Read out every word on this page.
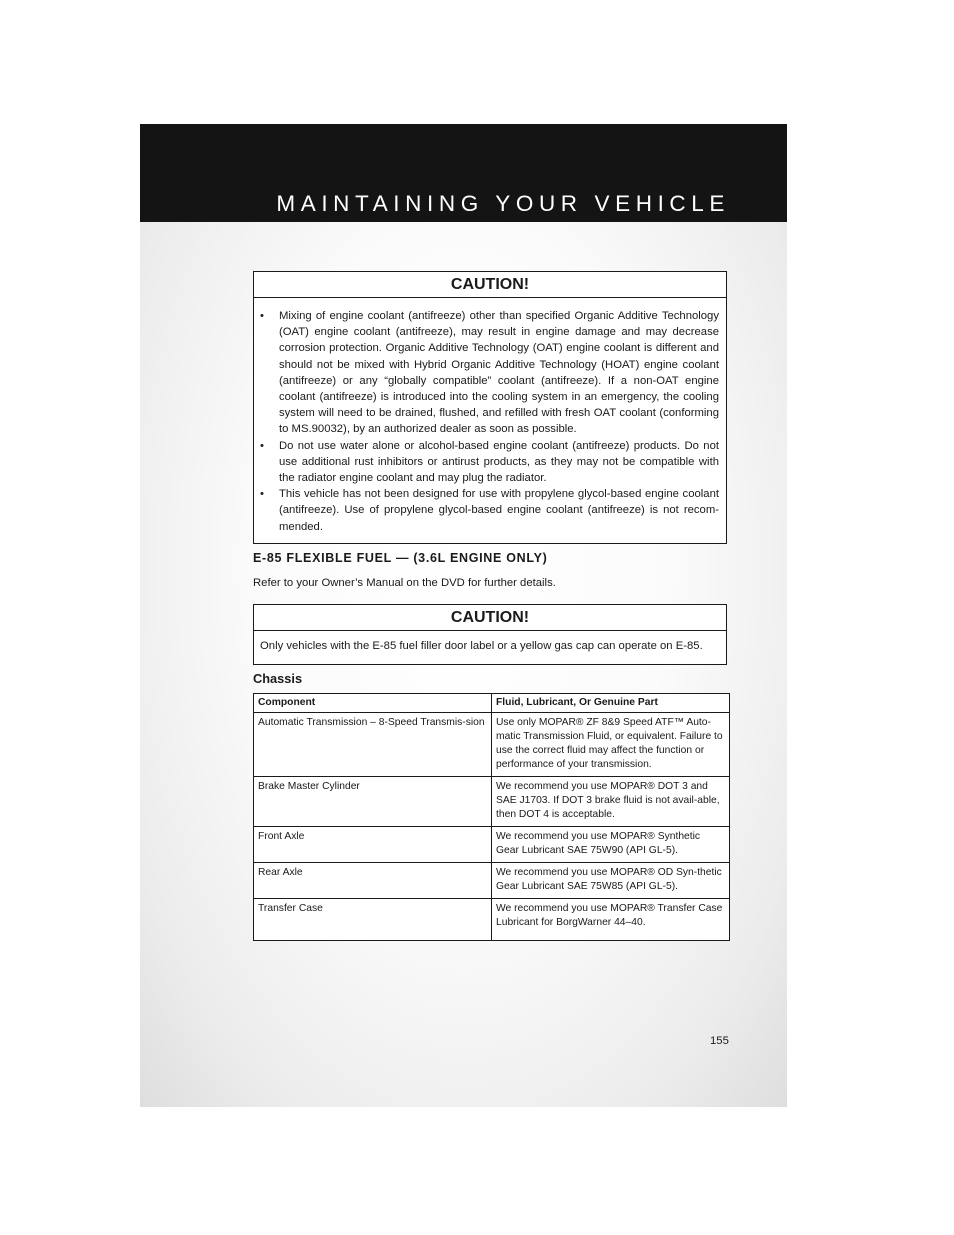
MAINTAINING YOUR VEHICLE
CAUTION!
• Mixing of engine coolant (antifreeze) other than specified Organic Additive Technology (OAT) engine coolant (antifreeze), may result in engine damage and may decrease corrosion protection. Organic Additive Technology (OAT) engine coolant is different and should not be mixed with Hybrid Organic Additive Technology (HOAT) engine coolant (antifreeze) or any “globally compatible” coolant (antifreeze). If a non-OAT engine coolant (antifreeze) is introduced into the cooling system in an emergency, the cooling system will need to be drained, flushed, and refilled with fresh OAT coolant (conforming to MS.90032), by an authorized dealer as soon as possible.
• Do not use water alone or alcohol-based engine coolant (antifreeze) products. Do not use additional rust inhibitors or antirust products, as they may not be compatible with the radiator engine coolant and may plug the radiator.
• This vehicle has not been designed for use with propylene glycol-based engine coolant (antifreeze). Use of propylene glycol-based engine coolant (antifreeze) is not recom-mended.
E-85 FLEXIBLE FUEL — (3.6L ENGINE ONLY)
Refer to your Owner’s Manual on the DVD for further details.
CAUTION!
Only vehicles with the E-85 fuel filler door label or a yellow gas cap can operate on E-85.
Chassis
Component	Fluid, Lubricant, Or Genuine Part
Automatic Transmission – 8-Speed Transmis-sion	Use only MOPAR® ZF 8&9 Speed ATF™ Auto-matic Transmission Fluid, or equivalent. Failure to use the correct fluid may affect the function or performance of your transmission.
Brake Master Cylinder	We recommend you use MOPAR® DOT 3 and SAE J1703. If DOT 3 brake fluid is not avail-able, then DOT 4 is acceptable.
Front Axle	We recommend you use MOPAR® Synthetic Gear Lubricant SAE 75W90 (API GL-5).
Rear Axle	We recommend you use MOPAR® OD Syn-thetic Gear Lubricant SAE 75W85 (API GL-5).
Transfer Case	We recommend you use MOPAR® Transfer Case Lubricant for BorgWarner 44–40.
155
